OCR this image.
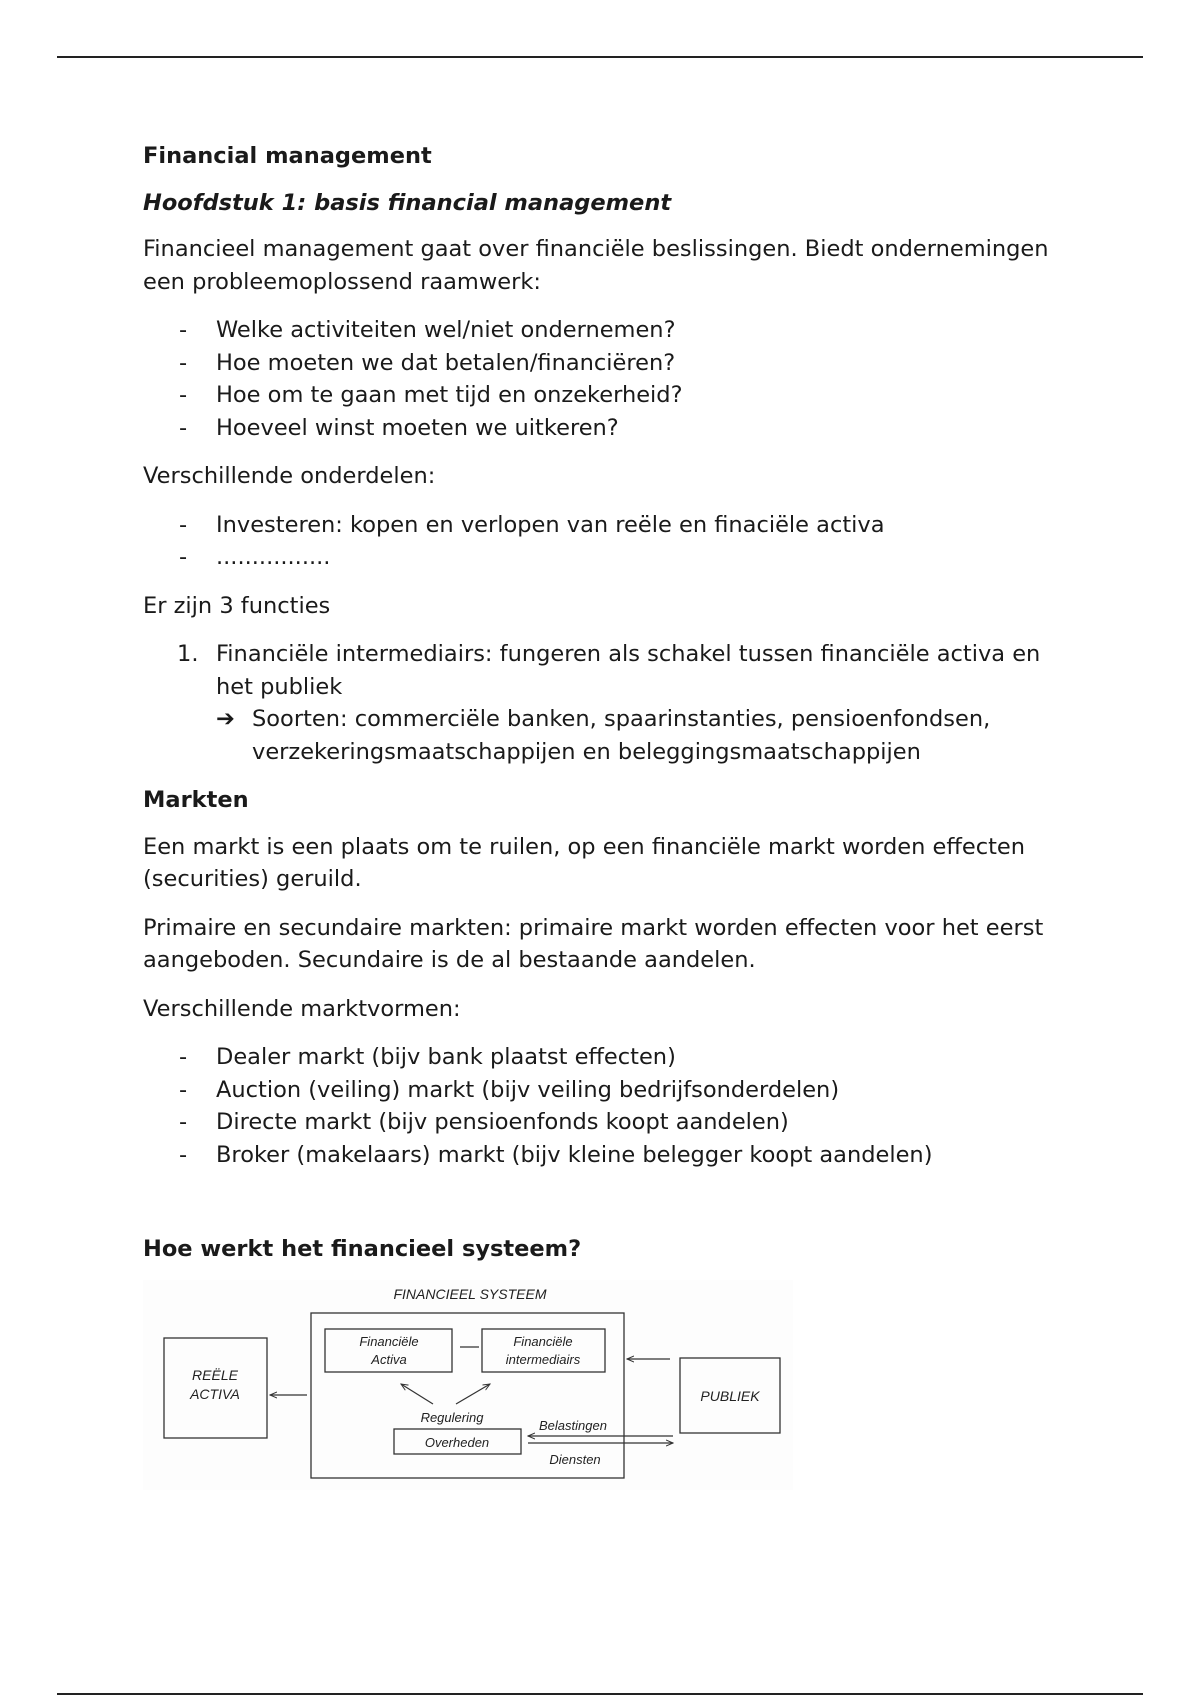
Financial management
Hoofdstuk 1: basis financial management
Financieel management gaat over financiële beslissingen. Biedt ondernemingen een probleemoplossend raamwerk:
- Welke activiteiten wel/niet ondernemen?
- Hoe moeten we dat betalen/financiëren?
- Hoe om te gaan met tijd en onzekerheid?
- Hoeveel winst moeten we uitkeren?
Verschillende onderdelen:
- Investeren: kopen en verlopen van reële en finaciële activa
- ................
Er zijn 3 functies
1. Financiële intermediairs: fungeren als schakel tussen financiële activa en het publiek
➔ Soorten: commerciële banken, spaarinstanties, pensioenfondsen, verzekeringsmaatschappijen en beleggingsmaatschappijen
Markten
Een markt is een plaats om te ruilen, op een financiële markt worden effecten (securities) geruild.
Primaire en secundaire markten: primaire markt worden effecten voor het eerst aangeboden. Secundaire is de al bestaande aandelen.
Verschillende marktvormen:
- Dealer markt (bijv bank plaatst effecten)
- Auction (veiling) markt (bijv veiling bedrijfsonderdelen)
- Directe markt (bijv pensioenfonds koopt aandelen)
- Broker (makelaars) markt (bijv kleine belegger koopt aandelen)
Hoe werkt het financieel systeem?
FINANCIEEL SYSTEEM
REËLE
ACTIVA
Financiële
Activa
Financiële
intermediairs
Regulering
Overheden
Belastingen
Diensten
PUBLIEK
